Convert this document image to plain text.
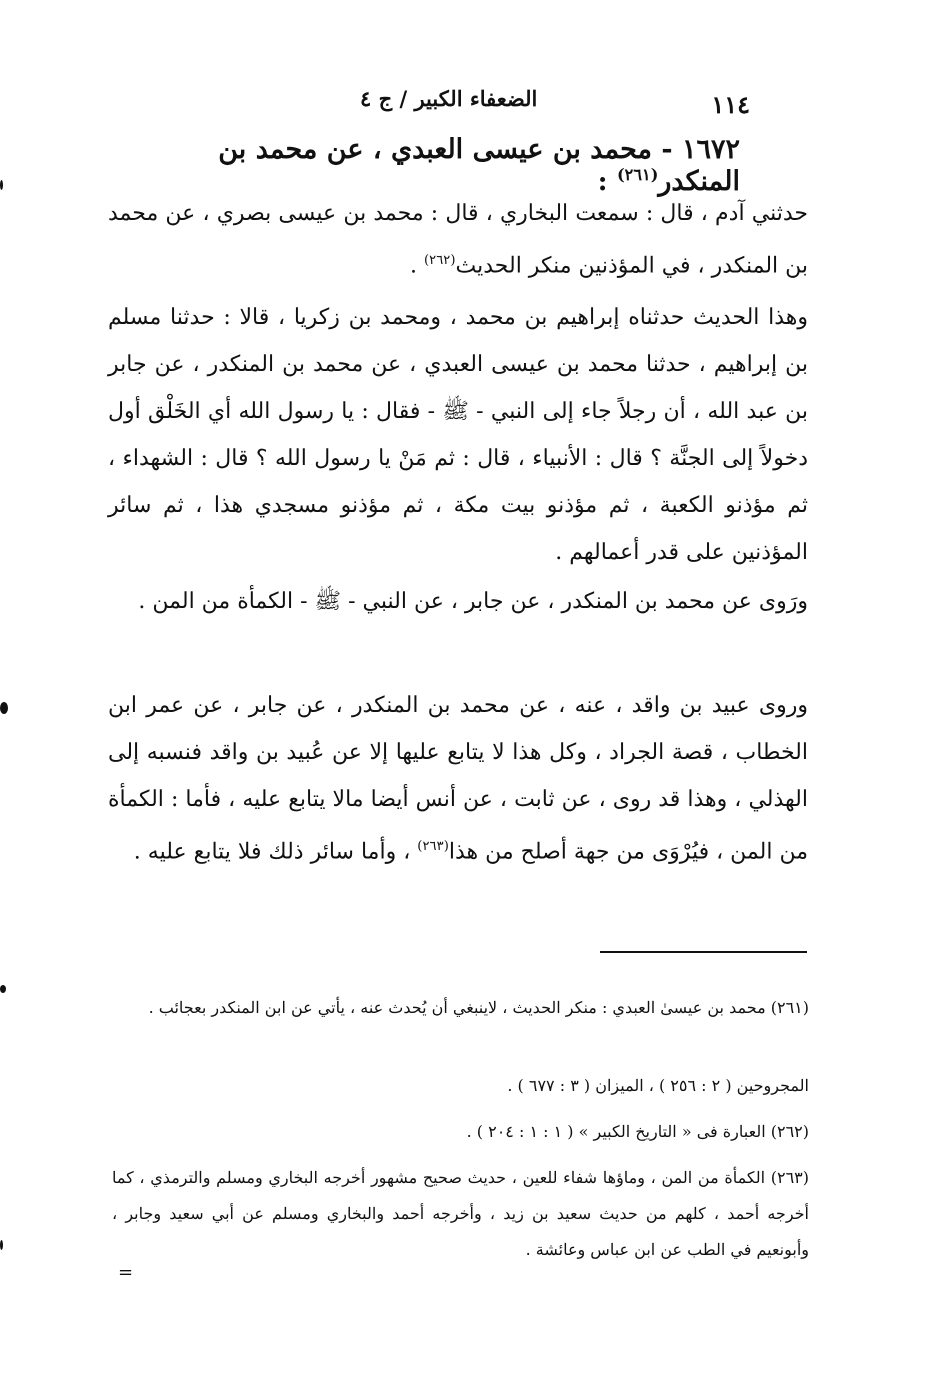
١١٤
الضعفاء الكبير / ج ٤
١٦٧٢ - محمد بن عيسى العبدي ، عن محمد بن المنكدر$^{(٢٦١)}$ :
حدثني آدم ، قال : سمعت البخاري ، قال : محمد بن عيسى بصري ، عن محمد بن المنكدر ، في المؤذنين منكر الحديث$^{(٢٦٢)}$ .
وهذا الحديث حدثناه إبراهيم بن محمد ، ومحمد بن زكريا ، قالا : حدثنا مسلم بن إبراهيم ، حدثنا محمد بن عيسى العبدي ، عن محمد بن المنكدر ، عن جابر بن عبد الله ، أن رجلاً جاء إلى النبي - ﷺ - فقال : يا رسول الله أي الخَلْق أول دخولاً إلى الجنَّة ؟ قال : الأنبياء ، قال : ثم مَنْ يا رسول الله ؟ قال : الشهداء ، ثم مؤذنو الكعبة ، ثم مؤذنو بيت مكة ، ثم مؤذنو مسجدي هذا ، ثم سائر المؤذنين على قدر أعمالهم .
ورَوى عن محمد بن المنكدر ، عن جابر ، عن النبي - ﷺ - الكمأة من المن .
وروى عبيد بن واقد ، عنه ، عن محمد بن المنكدر ، عن جابر ، عن عمر ابن الخطاب ، قصة الجراد ، وكل هذا لا يتابع عليها إلا عن عُبيد بن واقد فنسبه إلى الهذلي ، وهذا قد روى ، عن ثابت ، عن أنس أيضا مالا يتابع عليه ، فأما : الكمأة من المن ، فيُرْوَى من جهة أصلح من هذا$^{(٢٦٣)}$ ، وأما سائر ذلك فلا يتابع عليه .
(٢٦١) محمد بن عيسىٰ العبدي : منكر الحديث ، لاينبغي أن يُحدث عنه ، يأتي عن ابن المنكدر بعجائب .
المجروحين ( ٢ : ٢٥٦ ) ، الميزان ( ٣ : ٦٧٧ ) .
(٢٦٢) العبارة فى « التاريخ الكبير » ( ١ : ١ : ٢٠٤ ) .
(٢٦٣) الكمأة من المن ، وماؤها شفاء للعين ، حديث صحيح مشهور أخرجه البخاري ومسلم والترمذي ، كما أخرجه أحمد ، كلهم من حديث سعيد بن زيد ، وأخرجه أحمد والبخاري ومسلم عن أبي سعيد وجابر ، وأبونعيم في الطب عن ابن عباس وعائشة .
=
